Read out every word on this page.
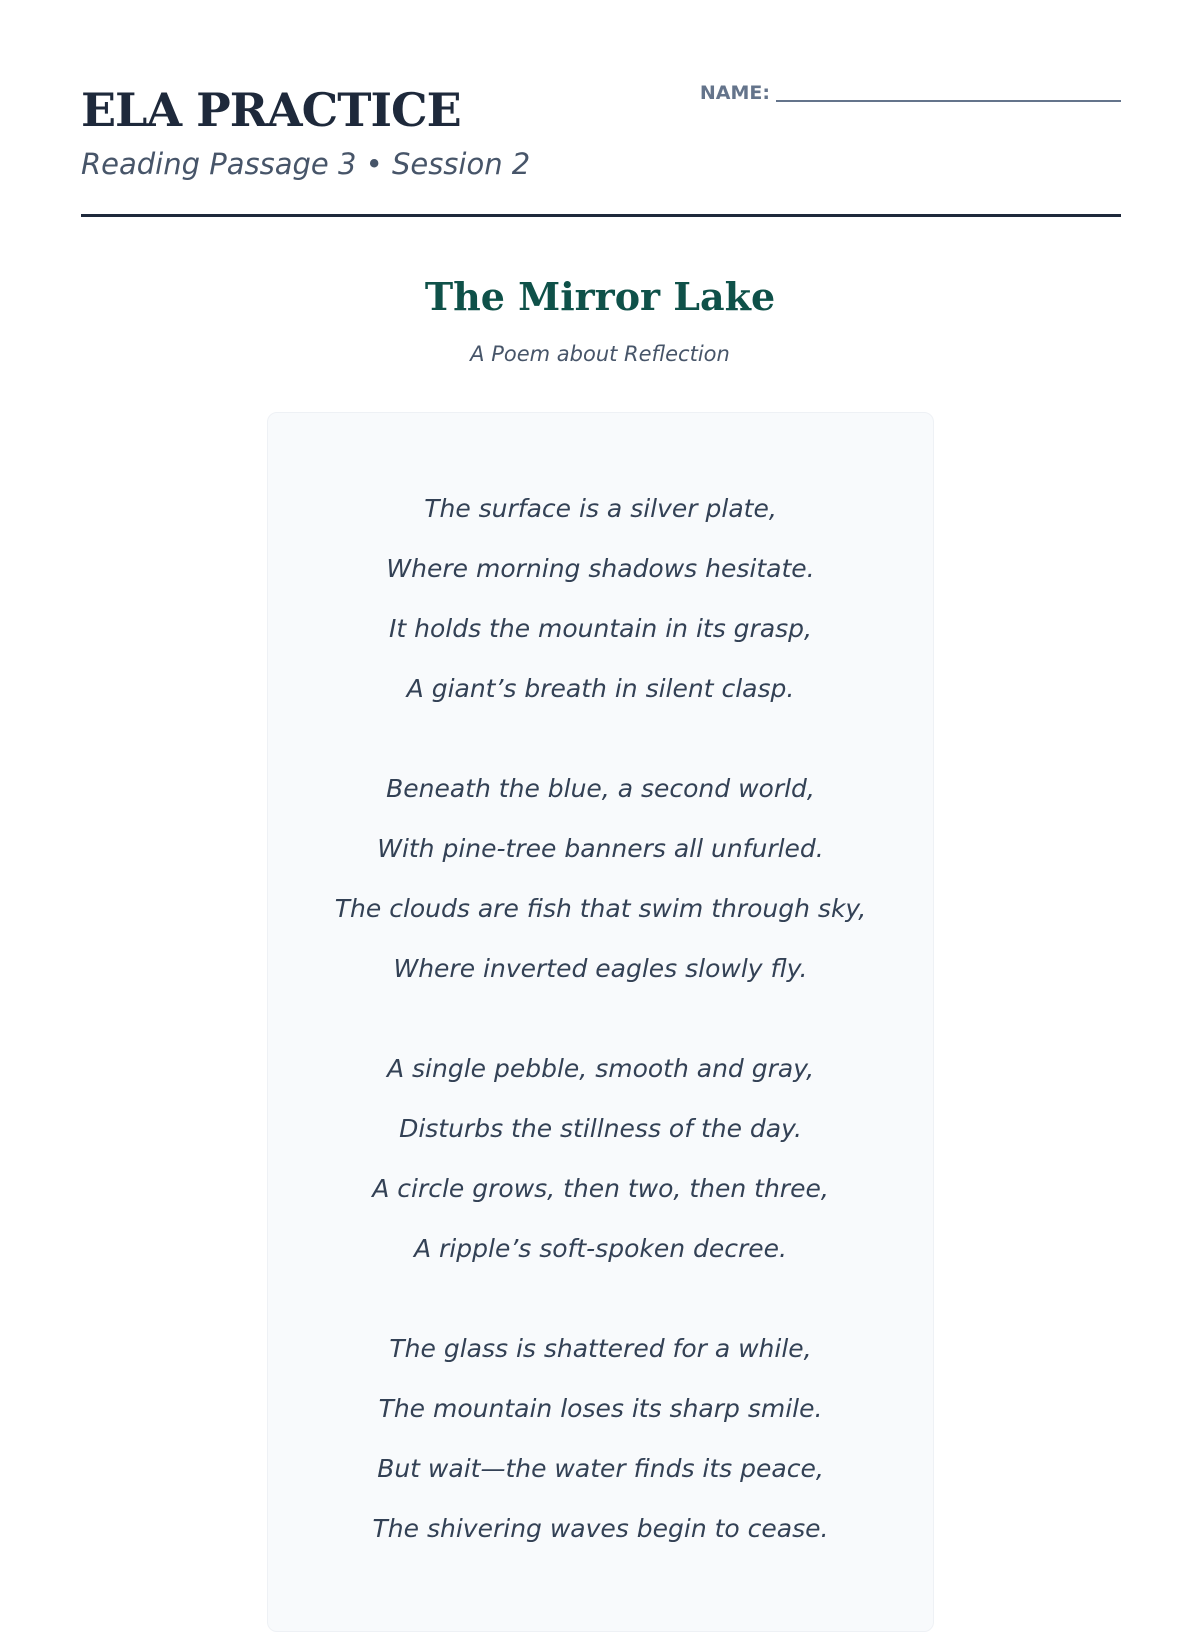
ELA PRACTICE

Reading Passage 3 • Session 2

NAME:
The Mirror Lake

A Poem about Reflection

The surface is a silver plate,
Where morning shadows hesitate.
It holds the mountain in its grasp,
A giant’s breath in silent clasp.
Beneath the blue, a second world,
With pine-tree banners all unfurled.
The clouds are fish that swim through sky,
Where inverted eagles slowly fly.
A single pebble, smooth and gray,
Disturbs the stillness of the day.
A circle grows, then two, then three,
A ripple’s soft-spoken decree.
The glass is shattered for a while,
The mountain loses its sharp smile.
But wait—the water finds its peace,
The shivering waves begin to cease.
